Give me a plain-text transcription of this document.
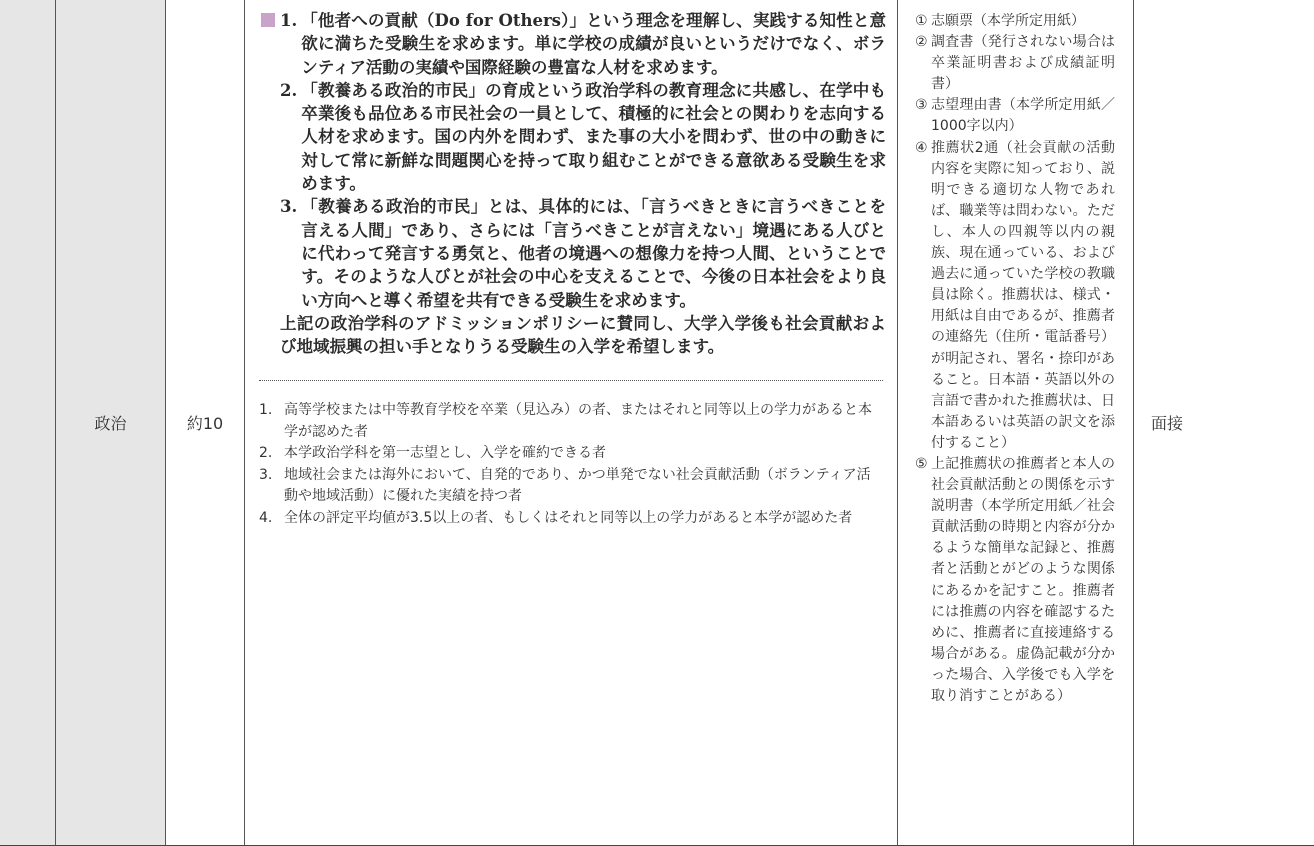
政治	約10
1. 「他者への貢献（Do for Others）」という理念を理解し、実践する知性と意欲に満ちた受験生を求めます。単に学校の成績が良いというだけでなく、ボランティア活動の実績や国際経験の豊富な人材を求めます。
2. 「教養ある政治的市民」の育成という政治学科の教育理念に共感し、在学中も卒業後も品位ある市民社会の一員として、積極的に社会との関わりを志向する人材を求めます。国の内外を問わず、また事の大小を問わず、世の中の動きに対して常に新鮮な問題関心を持って取り組むことができる意欲ある受験生を求めます。
3. 「教養ある政治的市民」とは、具体的には、「言うべきときに言うべきことを言える人間」であり、さらには「言うべきことが言えない」境遇にある人びとに代わって発言する勇気と、他者の境遇への想像力を持つ人間、ということです。そのような人びとが社会の中心を支えることで、今後の日本社会をより良い方向へと導く希望を共有できる受験生を求めます。
上記の政治学科のアドミッションポリシーに賛同し、大学入学後も社会貢献および地域振興の担い手となりうる受験生の入学を希望します。
1. 高等学校または中等教育学校を卒業（見込み）の者、またはそれと同等以上の学力があると本学が認めた者
2. 本学政治学科を第一志望とし、入学を確約できる者
3. 地域社会または海外において、自発的であり、かつ単発でない社会貢献活動（ボランティア活動や地域活動）に優れた実績を持つ者
4. 全体の評定平均値が3.5以上の者、もしくはそれと同等以上の学力があると本学が認めた者
① 志願票（本学所定用紙）
② 調査書（発行されない場合は卒業証明書および成績証明書）
③ 志望理由書（本学所定用紙／1000字以内）
④ 推薦状2通（社会貢献の活動内容を実際に知っており、説明できる適切な人物であれば、職業等は問わない。ただし、本人の四親等以内の親族、現在通っている、および過去に通っていた学校の教職員は除く。推薦状は、様式・用紙は自由であるが、推薦者の連絡先（住所・電話番号）が明記され、署名・捺印があること。日本語・英語以外の言語で書かれた推薦状は、日本語あるいは英語の訳文を添付すること）
⑤ 上記推薦状の推薦者と本人の社会貢献活動との関係を示す説明書（本学所定用紙／社会貢献活動の時期と内容が分かるような簡単な記録と、推薦者と活動とがどのような関係にあるかを記すこと。推薦者には推薦の内容を確認するために、推薦者に直接連絡する場合がある。虚偽記載が分かった場合、入学後でも入学を取り消すことがある）
面接
